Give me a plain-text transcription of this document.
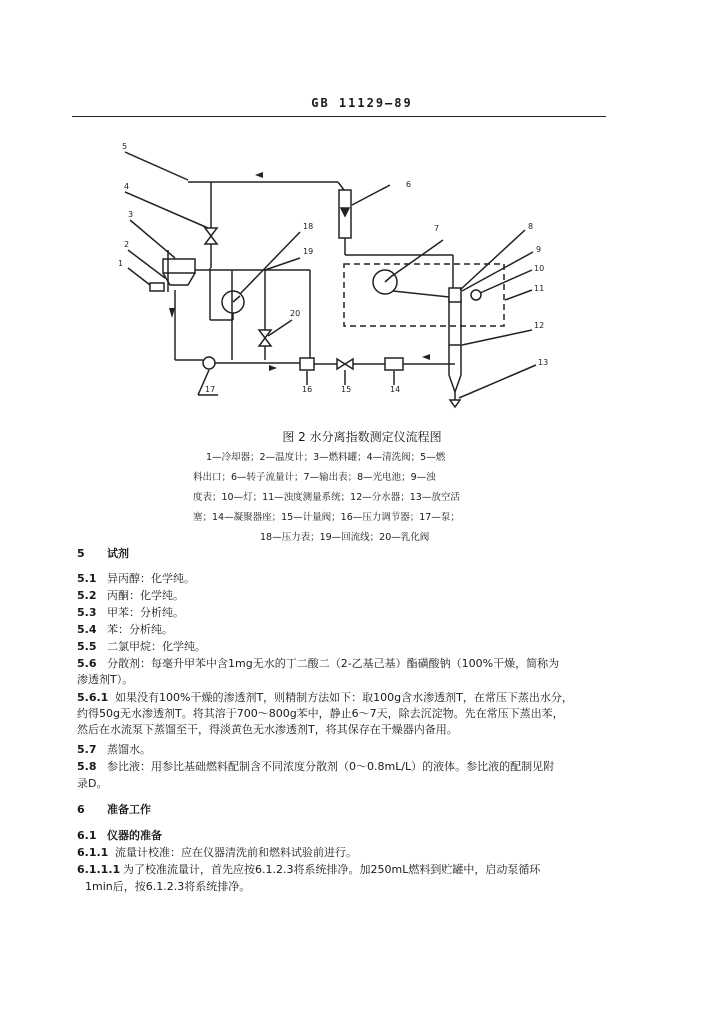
GB 11129—89
5
4
3
2
1
18
19
20
6
7	8
9
10
11
12
13
17	16	15	14
图 2 水分离指数测定仪流程图
1—冷却器；2—温度计；3—燃料罐；4—清洗阀；5—燃
料出口；6—转子流量计；7—输出表；8—光电池；9—浊
度表；10—灯；11—浊度测量系统；12—分水器；13—放空活
塞；14—凝聚器座；15—计量阀；16—压力调节器；17—泵；
18—压力表；19—回流线；20—乳化阀
5 试剂
5.1 异丙醇：化学纯。
5.2 丙酮：化学纯。
5.3 甲苯：分析纯。
5.4 苯：分析纯。
5.5 二氯甲烷：化学纯。
5.6 分散剂：每毫升甲苯中含1mg无水的丁二酸二（2-乙基己基）酯磺酸钠（100%干燥，简称为
渗透剂T）。
5.6.1 如果没有100%干燥的渗透剂T，则精制方法如下：取100g含水渗透剂T，在常压下蒸出水分，
约得50g无水渗透剂T。将其溶于700～800g苯中，静止6～7天，除去沉淀物。先在常压下蒸出苯，
然后在水流泵下蒸馏至干，得淡黄色无水渗透剂T，将其保存在干燥器内备用。
5.7 蒸馏水。
5.8 参比液：用参比基础燃料配制含不同浓度分散剂（0～0.8mL/L）的液体。参比液的配制见附
录D。
6 准备工作
6.1 仪器的准备
6.1.1 流量计校准：应在仪器清洗前和燃料试验前进行。
6.1.1.1 为了校准流量计，首先应按6.1.2.3将系统排净。加250mL燃料到贮罐中，启动泵循环
1min后，按6.1.2.3将系统排净。
